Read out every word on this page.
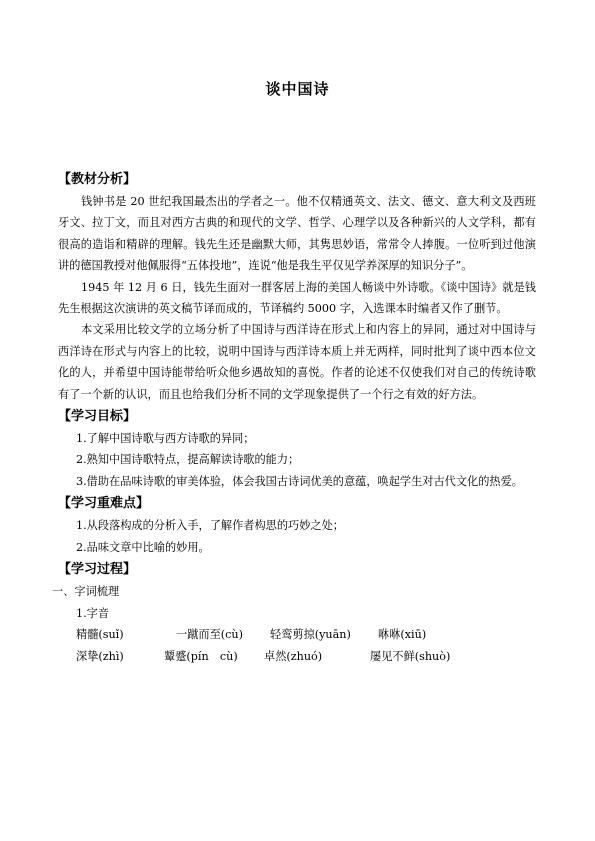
谈中国诗

【教材分析】

钱钟书是 20 世纪我国最杰出的学者之一。他不仅精通英文、法文、德文、意大利文及西班牙文、拉丁文，而且对西方古典的和现代的文学、哲学、心理学以及各种新兴的人文学科，都有很高的造诣和精辟的理解。钱先生还是幽默大师，其隽思妙语，常常令人捧腹。一位听到过他演讲的德国教授对他佩服得“五体投地”，连说“他是我生平仅见学养深厚的知识分子”。

1945 年 12 月 6 日，钱先生面对一群客居上海的美国人畅谈中外诗歌。《谈中国诗》就是钱先生根据这次演讲的英文稿节译而成的，节译稿约 5000 字，入选课本时编者又作了删节。

本文采用比较文学的立场分析了中国诗与西洋诗在形式上和内容上的异同，通过对中国诗与西洋诗在形式与内容上的比较，说明中国诗与西洋诗本质上并无两样，同时批判了谈中西本位文化的人，并希望中国诗能带给听众他乡遇故知的喜悦。作者的论述不仅使我们对自己的传统诗歌有了一个新的认识，而且也给我们分析不同的文学现象提供了一个行之有效的好方法。

【学习目标】

1.了解中国诗歌与西方诗歌的异同；

2.熟知中国诗歌特点，提高解读诗歌的能力；

3.借助在品味诗歌的审美体验，体会我国古诗词优美的意蕴，唤起学生对古代文化的热爱。

【学习重难点】

1.从段落构成的分析入手，了解作者构思的巧妙之处；

2.品味文章中比喻的妙用。

【学习过程】

一、字词梳理

1.字音

精髓(suǐ)	一蹴而至(cù) 轻鸾剪掠(yuān) 咻咻(xiū)
深挚(zhì)	颦蹙(pín　cù) 卓然(zhuó)	屡见不鲜(shuò)
